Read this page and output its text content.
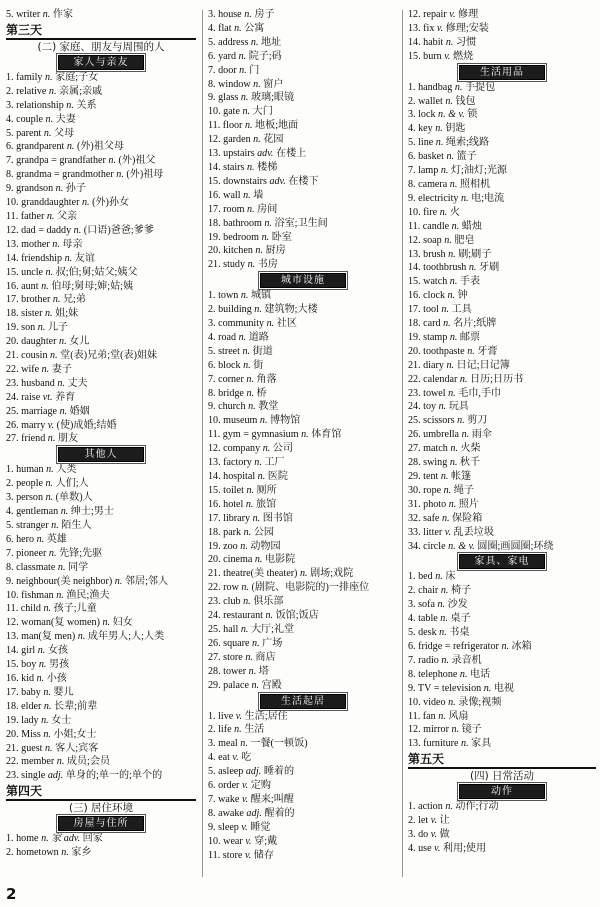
5. writer n. 作家
第三天
(二) 家庭、朋友与周围的人
家人与亲友
1. family n. 家庭;子女
2. relative n. 亲属;亲戚
3. relationship n. 关系
4. couple n. 夫妻
5. parent n. 父母
6. grandparent n. (外)祖父母
7. grandpa = grandfather n. (外)祖父
8. grandma = grandmother n. (外)祖母
9. grandson n. 孙子
10. granddaughter n. (外)孙女
11. father n. 父亲
12. dad = daddy n. (口语)爸爸;爹爹
13. mother n. 母亲
14. friendship n. 友谊
15. uncle n. 叔;伯;舅;姑父;姨父
16. aunt n. 伯母;舅母;婶;姑;姨
17. brother n. 兄;弟
18. sister n. 姐;妹
19. son n. 儿子
20. daughter n. 女儿
21. cousin n. 堂(表)兄弟;堂(表)姐妹
22. wife n. 妻子
23. husband n. 丈夫
24. raise vt. 养育
25. marriage n. 婚姻
26. marry v. (使)成婚;结婚
27. friend n. 朋友
其他人
1. human n. 人类
2. people n. 人们;人
3. person n. (单数)人
4. gentleman n. 绅士;男士
5. stranger n. 陌生人
6. hero n. 英雄
7. pioneer n. 先锋;先驱
8. classmate n. 同学
9. neighbour(美 neighbor) n. 邻居;邻人
10. fishman n. 渔民;渔夫
11. child n. 孩子;儿童
12. woman(复 women) n. 妇女
13. man(复 men) n. 成年男人;人;人类
14. girl n. 女孩
15. boy n. 男孩
16. kid n. 小孩
17. baby n. 婴儿
18. elder n. 长辈;前辈
19. lady n. 女士
20. Miss n. 小姐;女士
21. guest n. 客人;宾客
22. member n. 成员;会员
23. single adj. 单身的;单一的;单个的
第四天
(三) 居住环境
房屋与住所
1. home n. 家 adv. 回家
2. hometown n. 家乡
3. house n. 房子
4. flat n. 公寓
5. address n. 地址
6. yard n. 院子;码
7. door n. 门
8. window n. 窗户
9. glass n. 玻璃;眼镜
10. gate n. 大门
11. floor n. 地板;地面
12. garden n. 花园
13. upstairs adv. 在楼上
14. stairs n. 楼梯
15. downstairs adv. 在楼下
16. wall n. 墙
17. room n. 房间
18. bathroom n. 浴室;卫生间
19. bedroom n. 卧室
20. kitchen n. 厨房
21. study n. 书房
城市设施
1. town n. 城镇
2. building n. 建筑物;大楼
3. community n. 社区
4. road n. 道路
5. street n. 街道
6. block n. 街
7. corner n. 角落
8. bridge n. 桥
9. church n. 教堂
10. museum n. 博物馆
11. gym = gymnasium n. 体育馆
12. company n. 公司
13. factory n. 工厂
14. hospital n. 医院
15. toilet n. 厕所
16. hotel n. 旅馆
17. library n. 图书馆
18. park n. 公园
19. zoo n. 动物园
20. cinema n. 电影院
21. theatre(美 theater) n. 剧场;戏院
22. row n. (剧院、电影院的)一排座位
23. club n. 俱乐部
24. restaurant n. 饭馆;饭店
25. hall n. 大厅;礼堂
26. square n. 广场
27. store n. 商店
28. tower n. 塔
29. palace n. 宫殿
生活起居
1. live v. 生活;居住
2. life n. 生活
3. meal n. 一餐(一顿饭)
4. eat v. 吃
5. asleep adj. 睡着的
6. order v. 定购
7. wake v. 醒来;叫醒
8. awake adj. 醒着的
9. sleep v. 睡觉
10. wear v. 穿;戴
11. store v. 储存
12. repair v. 修理
13. fix v. 修理;安装
14. habit n. 习惯
15. burn v. 燃烧
生活用品
1. handbag n. 手提包
2. wallet n. 钱包
3. lock n. & v. 锁
4. key n. 钥匙
5. line n. 绳索;线路
6. basket n. 篮子
7. lamp n. 灯;油灯;光源
8. camera n. 照相机
9. electricity n. 电;电流
10. fire n. 火
11. candle n. 蜡烛
12. soap n. 肥皂
13. brush n. 刷;刷子
14. toothbrush n. 牙刷
15. watch n. 手表
16. clock n. 钟
17. tool n. 工具
18. card n. 名片;纸牌
19. stamp n. 邮票
20. toothpaste n. 牙膏
21. diary n. 日记;日记簿
22. calendar n. 日历;日历书
23. towel n. 毛巾,手巾
24. toy n. 玩具
25. scissors n. 剪刀
26. umbrella n. 雨伞
27. match n. 火柴
28. swing n. 秋千
29. tent n. 帐篷
30. rope n. 绳子
31. photo n. 照片
32. safe n. 保险箱
33. litter v. 乱丢垃圾
34. circle n. & v. 圆圈;画圆圈;环绕
家具、家电
1. bed n. 床
2. chair n. 椅子
3. sofa n. 沙发
4. table n. 桌子
5. desk n. 书桌
6. fridge = refrigerator n. 冰箱
7. radio n. 录音机
8. telephone n. 电话
9. TV = television n. 电视
10. video n. 录像;视频
11. fan n. 风扇
12. mirror n. 镜子
13. furniture n. 家具
第五天
(四) 日常活动
动作
1. action n. 动作;行动
2. let v. 让
3. do v. 做
4. use v. 利用;使用
2
